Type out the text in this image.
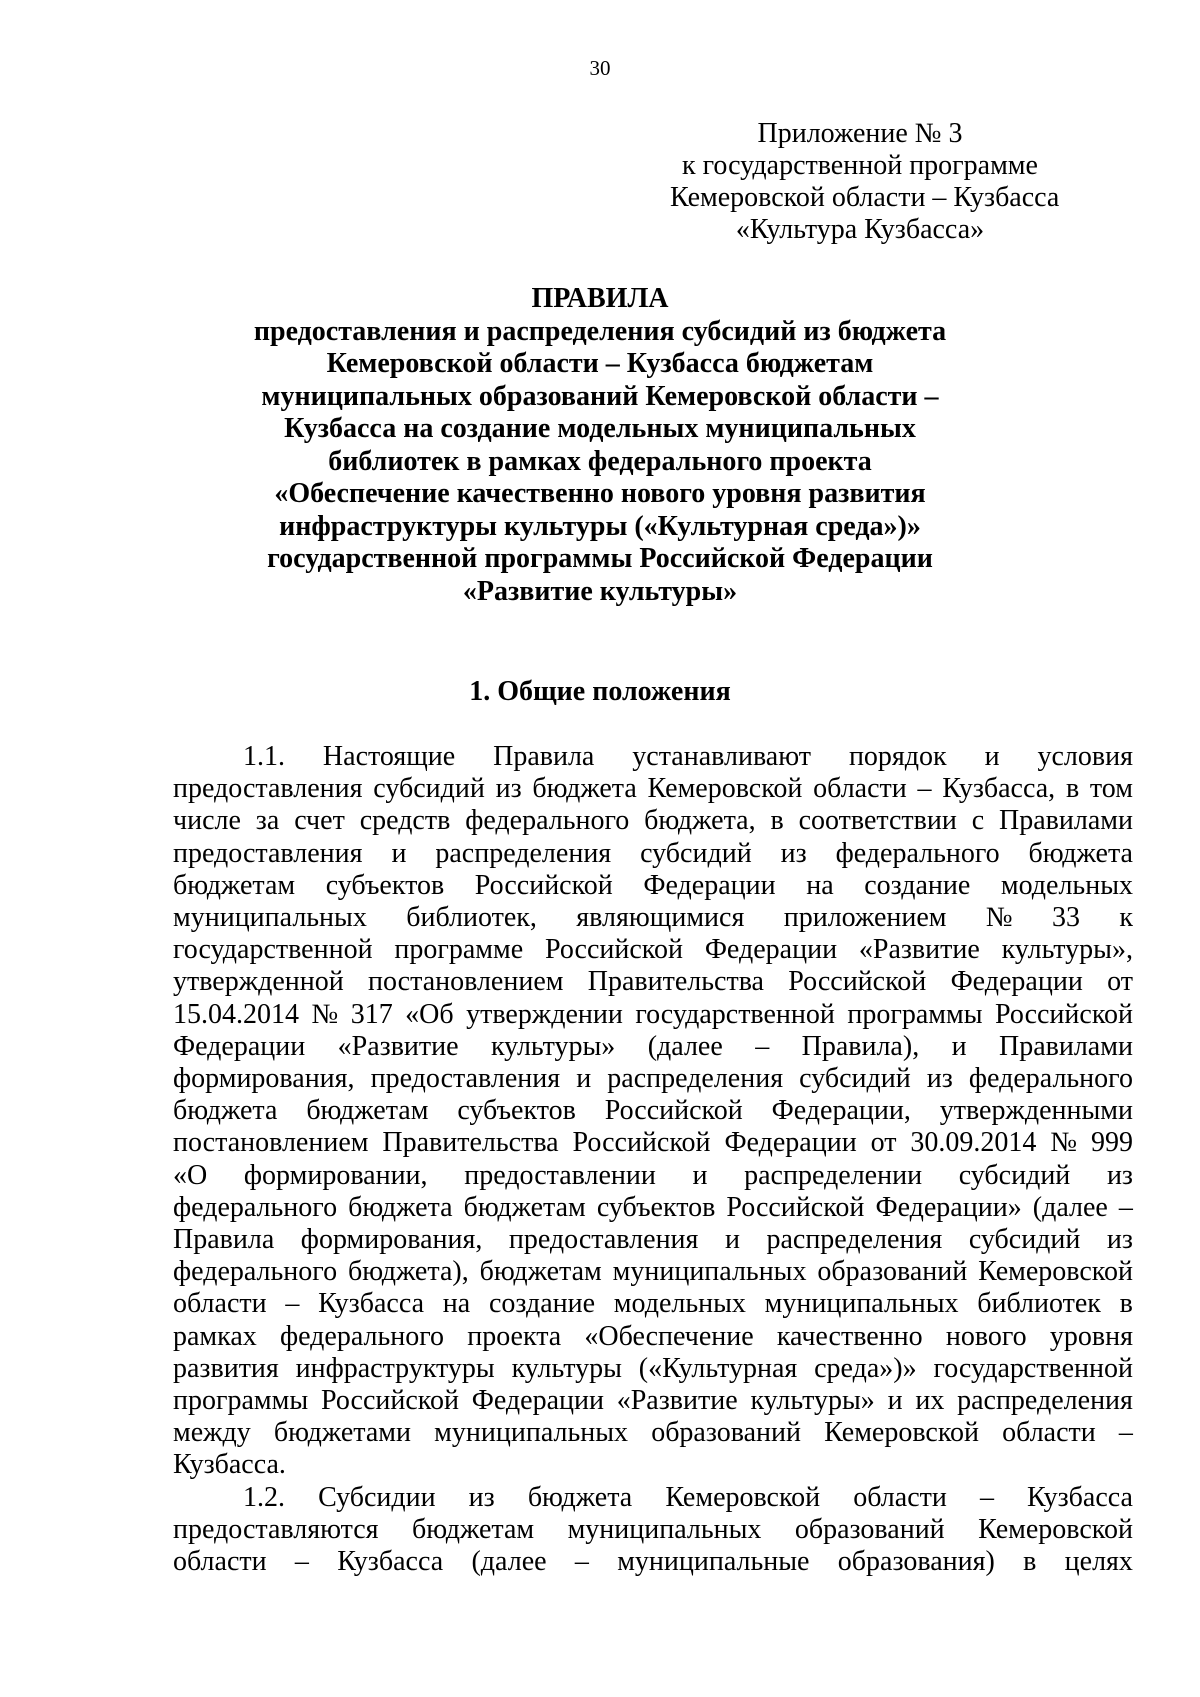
30
Приложение № 3
к государственной программе
Кемеровской области – Кузбасса
«Культура Кузбасса»
ПРАВИЛА
предоставления и распределения субсидий из бюджета
Кемеровской области – Кузбасса бюджетам
муниципальных образований Кемеровской области –
Кузбасса на создание модельных муниципальных
библиотек в рамках федерального проекта
«Обеспечение качественно нового уровня развития
инфраструктуры культуры («Культурная среда»)»
государственной программы Российской Федерации
«Развитие культуры»
1. Общие положения
1.1. Настоящие Правила устанавливают порядок и условия
предоставления субсидий из бюджета Кемеровской области – Кузбасса, в том
числе за счет средств федерального бюджета, в соответствии с Правилами
предоставления и распределения субсидий из федерального бюджета
бюджетам субъектов Российской Федерации на создание модельных
муниципальных библиотек, являющимися приложением № 33 к
государственной программе Российской Федерации «Развитие культуры»,
утвержденной постановлением Правительства Российской Федерации от
15.04.2014 № 317 «Об утверждении государственной программы Российской
Федерации «Развитие культуры» (далее – Правила), и Правилами
формирования, предоставления и распределения субсидий из федерального
бюджета бюджетам субъектов Российской Федерации, утвержденными
постановлением Правительства Российской Федерации от 30.09.2014 № 999
«О формировании, предоставлении и распределении субсидий из
федерального бюджета бюджетам субъектов Российской Федерации» (далее –
Правила формирования, предоставления и распределения субсидий из
федерального бюджета), бюджетам муниципальных образований Кемеровской
области – Кузбасса на создание модельных муниципальных библиотек в
рамках федерального проекта «Обеспечение качественно нового уровня
развития инфраструктуры культуры («Культурная среда»)» государственной
программы Российской Федерации «Развитие культуры» и их распределения
между бюджетами муниципальных образований Кемеровской области –
Кузбасса.
1.2. Субсидии из бюджета Кемеровской области – Кузбасса
предоставляются бюджетам муниципальных образований Кемеровской
области – Кузбасса (далее – муниципальные образования) в целях
